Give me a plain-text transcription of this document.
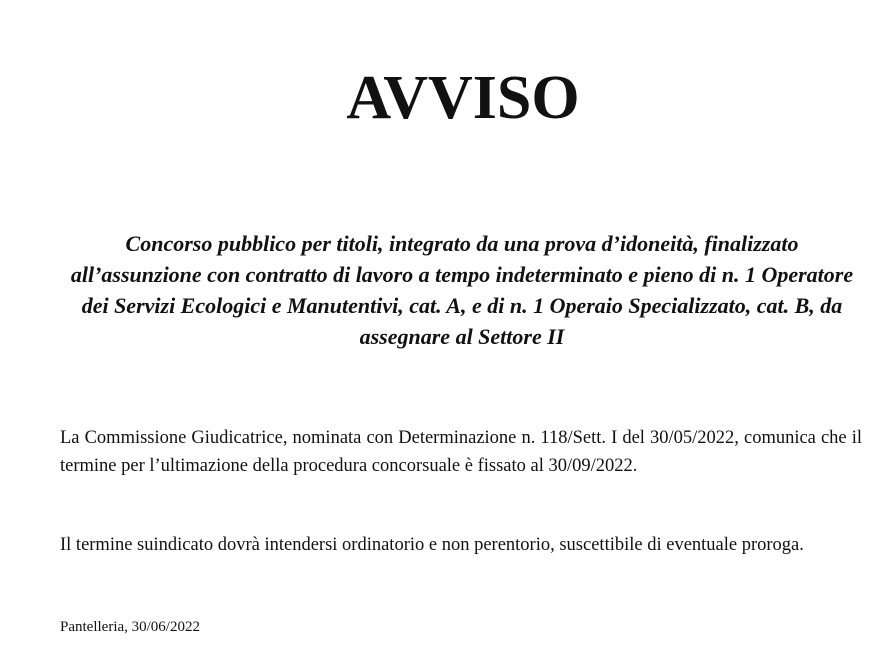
AVVISO

Concorso pubblico per titoli, integrato da una prova d’idoneità, finalizzato all’assunzione con contratto di lavoro a tempo indeterminato e pieno di n. 1 Operatore dei Servizi Ecologici e Manutentivi, cat. A, e di n. 1 Operaio Specializzato, cat. B, da assegnare al Settore II

La Commissione Giudicatrice, nominata con Determinazione n. 118/Sett. I del 30/05/2022, comunica che il termine per l’ultimazione della procedura concorsuale è fissato al 30/09/2022.

Il termine suindicato dovrà intendersi ordinatorio e non perentorio, suscettibile di eventuale proroga.

Pantelleria, 30/06/2022
